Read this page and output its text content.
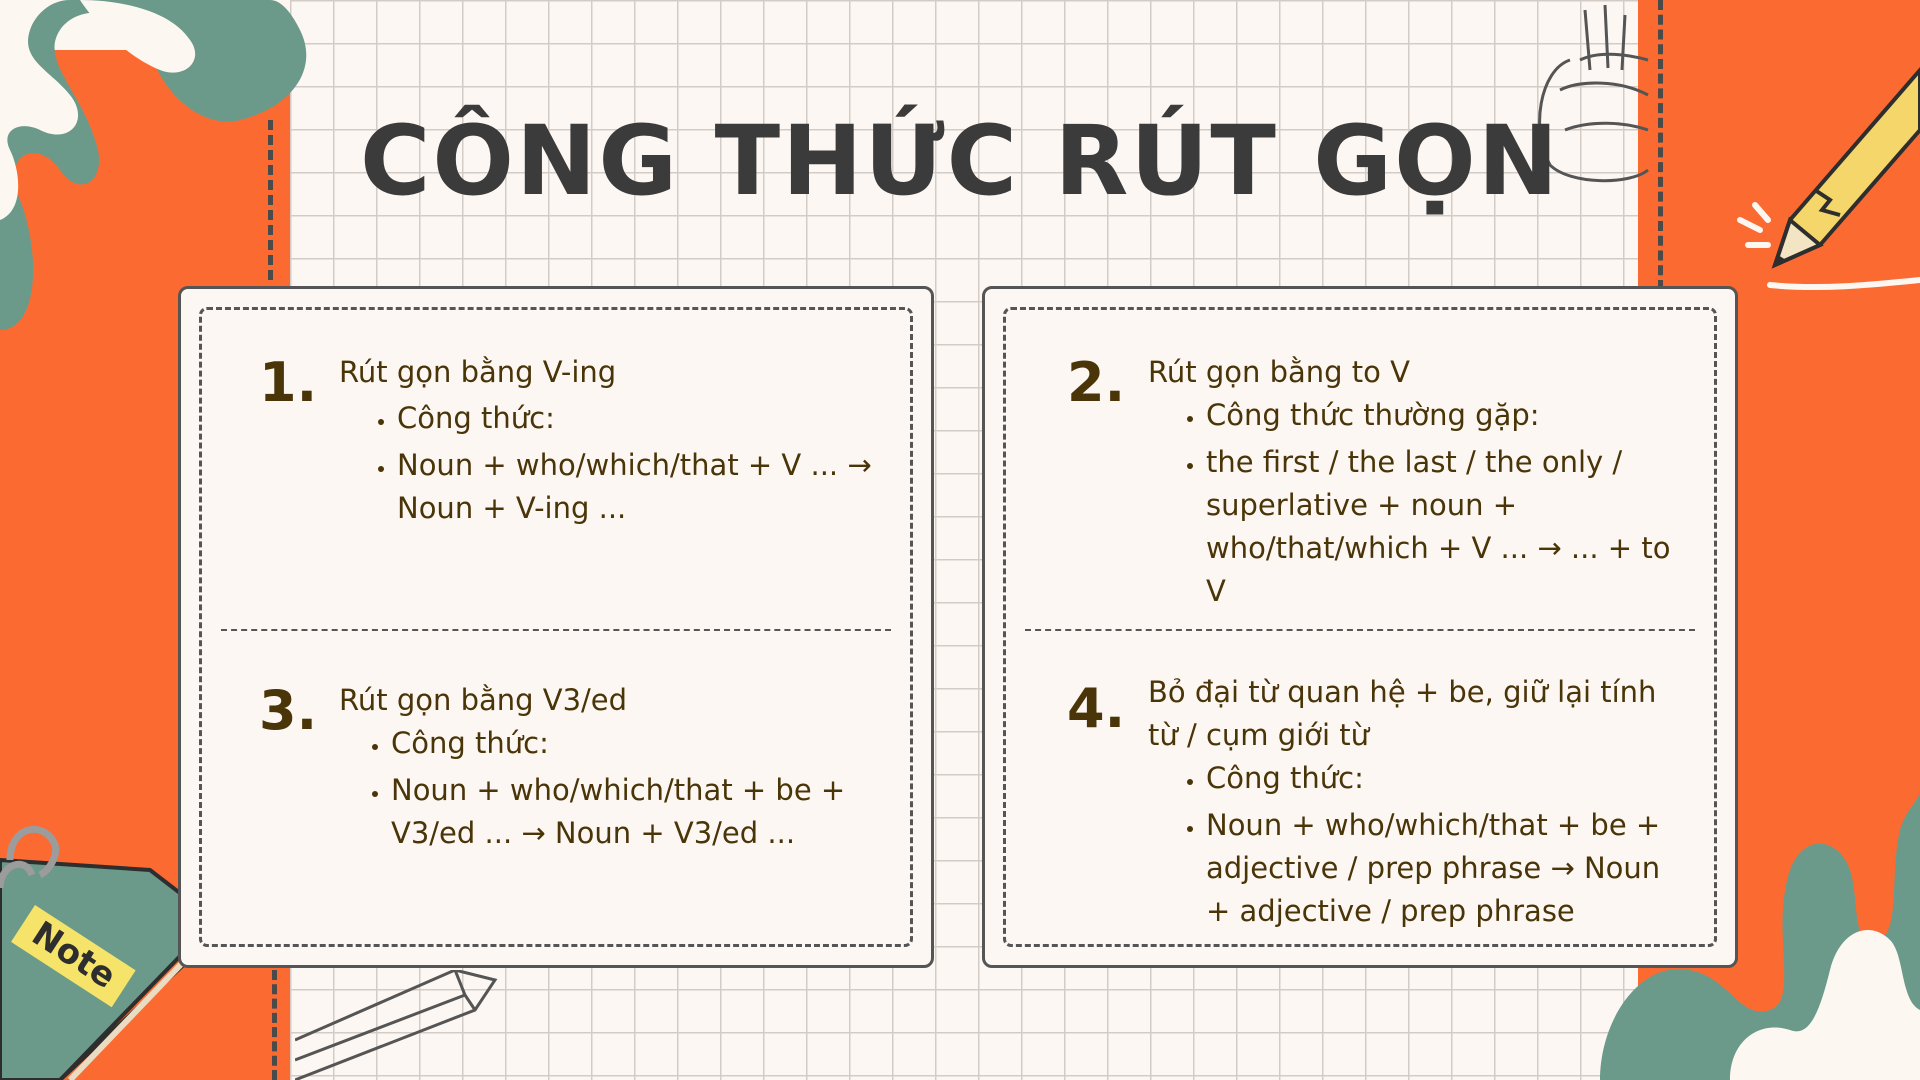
Note
CÔNG THỨC RÚT GỌN
1. Rút gọn bằng V-ing
• Công thức:
• Noun + who/which/that + V ... → Noun + V-ing ...
3. Rút gọn bằng V3/ed
• Công thức:
• Noun + who/which/that + be + V3/ed ... → Noun + V3/ed ...
2. Rút gọn bằng to V
• Công thức thường gặp:
• the first / the last / the only / superlative + noun + who/that/which + V ... → ... + to V
4. Bỏ đại từ quan hệ + be, giữ lại tính từ / cụm giới từ
• Công thức:
• Noun + who/which/that + be + adjective / prep phrase → Noun + adjective / prep phrase
